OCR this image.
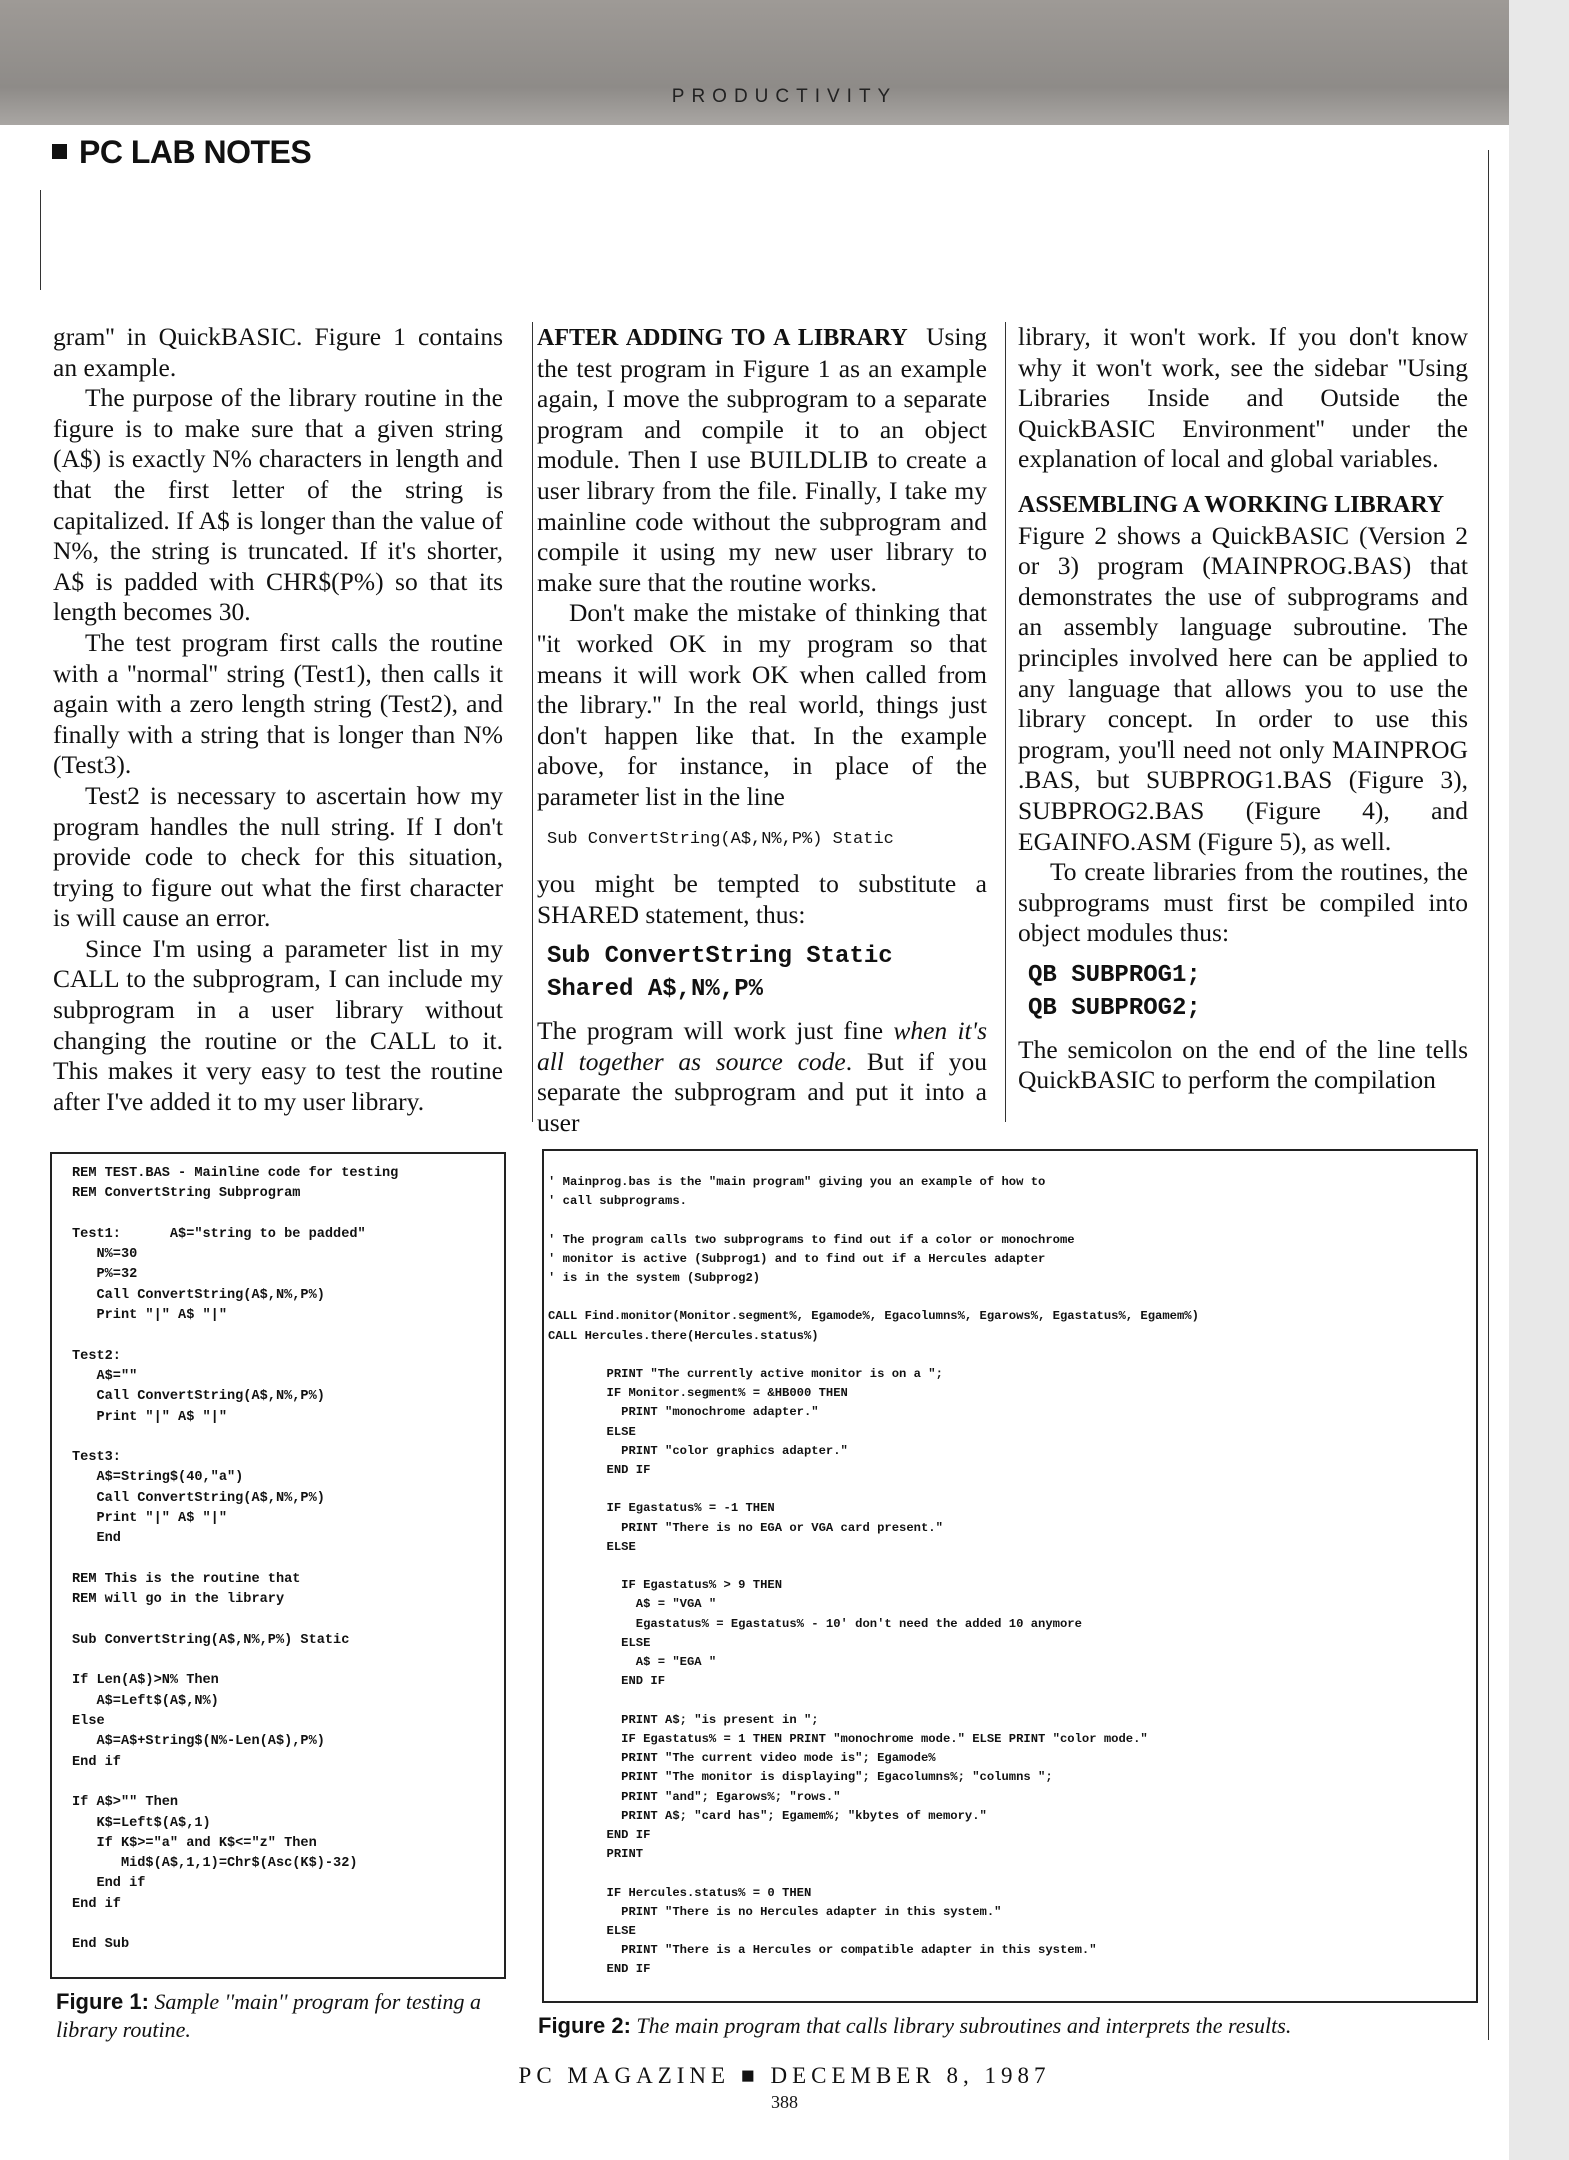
PRODUCTIVITY
PC LAB NOTES

gram'' in QuickBASIC. Figure 1 contains an example.

The purpose of the library routine in the figure is to make sure that a given string (A$) is exactly N% characters in length and that the first letter of the string is capitalized. If A$ is longer than the value of N%, the string is truncated. If it's shorter, A$ is padded with CHR$(P%) so that its length becomes 30.

The test program first calls the routine with a ''normal'' string (Test1), then calls it again with a zero length string (Test2), and finally with a string that is longer than N% (Test3).

Test2 is necessary to ascertain how my program handles the null string. If I don't provide code to check for this situation, trying to figure out what the first character is will cause an error.

Since I'm using a parameter list in my CALL to the subprogram, I can include my subprogram in a user library without changing the routine or the CALL to it. This makes it very easy to test the routine after I've added it to my user library.

AFTER ADDING TO A LIBRARY Using the test program in Figure 1 as an example again, I move the subprogram to a separate program and compile it to an object module. Then I use BUILDLIB to create a user library from the file. Finally, I take my mainline code without the subprogram and compile it using my new user library to make sure that the routine works.

Don't make the mistake of thinking that ''it worked OK in my program so that means it will work OK when called from the library.'' In the real world, things just don't happen like that. In the example above, for instance, in place of the parameter list in the line

Sub ConvertString(A$,N%,P%) Static

you might be tempted to substitute a SHARED statement, thus:

Sub ConvertString Static
Shared A$,N%,P%

The program will work just fine when it's all together as source code. But if you separate the subprogram and put it into a user

library, it won't work. If you don't know why it won't work, see the sidebar ''Using Libraries Inside and Outside the QuickBASIC Environment'' under the explanation of local and global variables.

ASSEMBLING A WORKING LIBRARY

Figure 2 shows a QuickBASIC (Version 2 or 3) program (MAINPROG.BAS) that demonstrates the use of subprograms and an assembly language subroutine. The principles involved here can be applied to any language that allows you to use the library concept. In order to use this program, you'll need not only MAINPROG .BAS, but SUBPROG1.BAS (Figure 3), SUBPROG2.BAS (Figure 4), and EGAINFO.ASM (Figure 5), as well.

To create libraries from the routines, the subprograms must first be compiled into object modules thus:

QB SUBPROG1;
QB SUBPROG2;

The semicolon on the end of the line tells QuickBASIC to perform the compilation

REM TEST.BAS - Mainline code for testing
REM ConvertString Subprogram

Test1:      A$="string to be padded"
N%=30
P%=32
Call ConvertString(A$,N%,P%)
Print "|" A$ "|"

Test2:
A$=""
Call ConvertString(A$,N%,P%)
Print "|" A$ "|"

Test3:
A$=String$(40,"a")
Call ConvertString(A$,N%,P%)
Print "|" A$ "|"
End

REM This is the routine that
REM will go in the library

Sub ConvertString(A$,N%,P%) Static

If Len(A$)>N% Then
A$=Left$(A$,N%)
Else
A$=A$+String$(N%-Len(A$),P%)
End if

If A$>"" Then
K$=Left$(A$,1)
If K$>="a" and K$<="z" Then
Mid$(A$,1,1)=Chr$(Asc(K$)-32)
End if
End if

End Sub
Figure 1: Sample ''main'' program for testing a library routine.
' Mainprog.bas is the "main program" giving you an example of how to
' call subprograms.

' The program calls two subprograms to find out if a color or monochrome
' monitor is active (Subprog1) and to find out if a Hercules adapter
' is in the system (Subprog2)

CALL Find.monitor(Monitor.segment%, Egamode%, Egacolumns%, Egarows%, Egastatus%, Egamem%)
CALL Hercules.there(Hercules.status%)

PRINT "The currently active monitor is on a ";
IF Monitor.segment% = &HB000 THEN
PRINT "monochrome adapter."
ELSE
PRINT "color graphics adapter."
END IF

IF Egastatus% = -1 THEN
PRINT "There is no EGA or VGA card present."
ELSE

IF Egastatus% > 9 THEN
A$ = "VGA "
Egastatus% = Egastatus% - 10' don't need the added 10 anymore
ELSE
A$ = "EGA "
END IF

PRINT A$; "is present in ";
IF Egastatus% = 1 THEN PRINT "monochrome mode." ELSE PRINT "color mode."
PRINT "The current video mode is"; Egamode%
PRINT "The monitor is displaying"; Egacolumns%; "columns ";
PRINT "and"; Egarows%; "rows."
PRINT A$; "card has"; Egamem%; "kbytes of memory."
END IF
PRINT

IF Hercules.status% = 0 THEN
PRINT "There is no Hercules adapter in this system."
ELSE
PRINT "There is a Hercules or compatible adapter in this system."
END IF
Figure 2: The main program that calls library subroutines and interprets the results.
PC MAGAZINE ■ DECEMBER 8, 1987
388
